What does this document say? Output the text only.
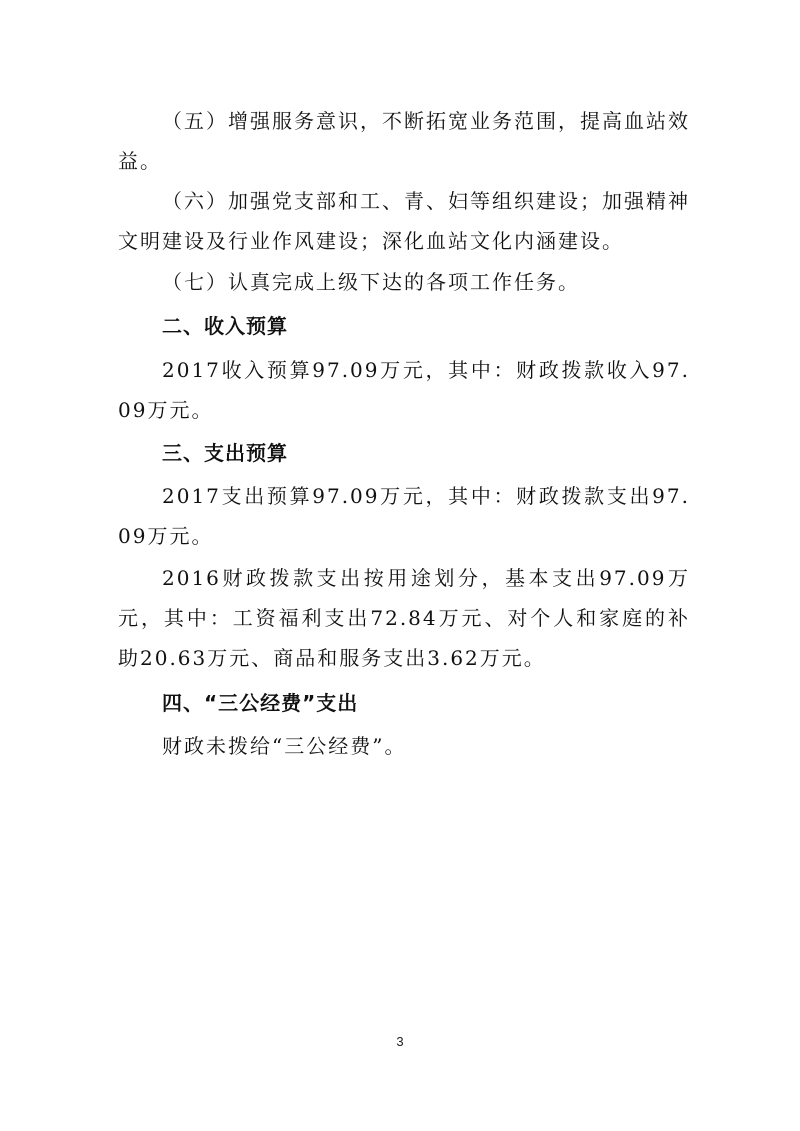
（五）增强服务意识，不断拓宽业务范围，提高血站效益。

（六）加强党支部和工、青、妇等组织建设；加强精神文明建设及行业作风建设；深化血站文化内涵建设。

（七）认真完成上级下达的各项工作任务。

二、收入预算

2017收入预算97.09万元，其中：财政拨款收入97.09万元。

三、支出预算

2017支出预算97.09万元，其中：财政拨款支出97.09万元。

2016财政拨款支出按用途划分，基本支出97.09万元，其中：工资福利支出72.84万元、对个人和家庭的补助20.63万元、商品和服务支出3.62万元。

四、“三公经费”支出

财政未拨给“三公经费”。

3
